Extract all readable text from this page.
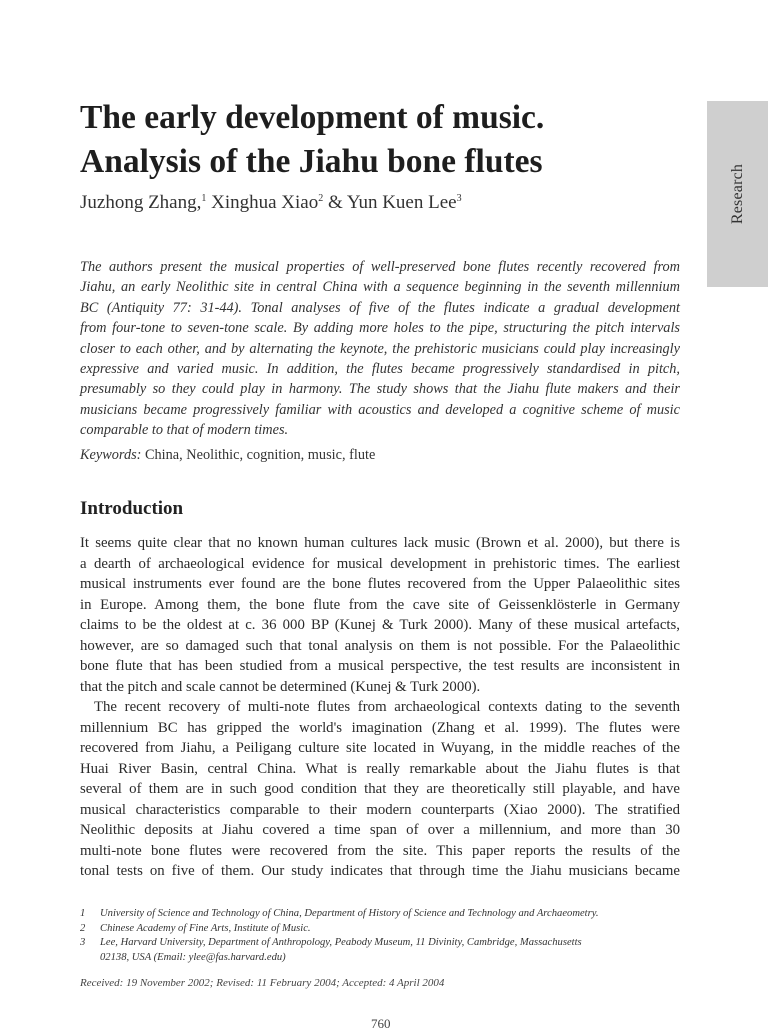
Research
The early development of music.
Analysis of the Jiahu bone flutes
Juzhong Zhang,$^1$ Xinghua Xiao$^2$ & Yun Kuen Lee$^3$

The authors present the musical properties of well-preserved bone flutes recently recovered from
Jiahu, an early Neolithic site in central China with a sequence beginning in the seventh millennium
BC (Antiquity 77: 31-44). Tonal analyses of five of the flutes indicate a gradual development
from four-tone to seven-tone scale. By adding more holes to the pipe, structuring the pitch intervals
closer to each other, and by alternating the keynote, the prehistoric musicians could play increasingly
expressive and varied music. In addition, the flutes became progressively standardised in pitch,
presumably so they could play in harmony. The study shows that the Jiahu flute makers and their
musicians became progressively familiar with acoustics and developed a cognitive scheme of music
comparable to that of modern times.

Keywords: China, Neolithic, cognition, music, flute
Introduction

It seems quite clear that no known human cultures lack music (Brown et al. 2000), but there is
a dearth of archaeological evidence for musical development in prehistoric times. The earliest
musical instruments ever found are the bone flutes recovered from the Upper Palaeolithic sites
in Europe. Among them, the bone flute from the cave site of Geissenklösterle in Germany
claims to be the oldest at c. 36 000 BP (Kunej & Turk 2000). Many of these musical artefacts,
however, are so damaged such that tonal analysis on them is not possible. For the Palaeolithic
bone flute that has been studied from a musical perspective, the test results are inconsistent in
that the pitch and scale cannot be determined (Kunej & Turk 2000).
The recent recovery of multi-note flutes from archaeological contexts dating to the seventh
millennium BC has gripped the world's imagination (Zhang et al. 1999). The flutes were
recovered from Jiahu, a Peiligang culture site located in Wuyang, in the middle reaches of the
Huai River Basin, central China. What is really remarkable about the Jiahu flutes is that
several of them are in such good condition that they are theoretically still playable, and have
musical characteristics comparable to their modern counterparts (Xiao 2000). The stratified
Neolithic deposits at Jiahu covered a time span of over a millennium, and more than 30
multi-note bone flutes were recovered from the site. This paper reports the results of the
tonal tests on five of them. Our study indicates that through time the Jiahu musicians became

1	University of Science and Technology of China, Department of History of Science and Technology and Archaeometry.
2	Chinese Academy of Fine Arts, Institute of Music.
3	Lee, Harvard University, Department of Anthropology, Peabody Museum, 11 Divinity, Cambridge, Massachusetts
02138, USA (Email: ylee@fas.harvard.edu)
Received: 19 November 2002; Revised: 11 February 2004; Accepted: 4 April 2004
760
